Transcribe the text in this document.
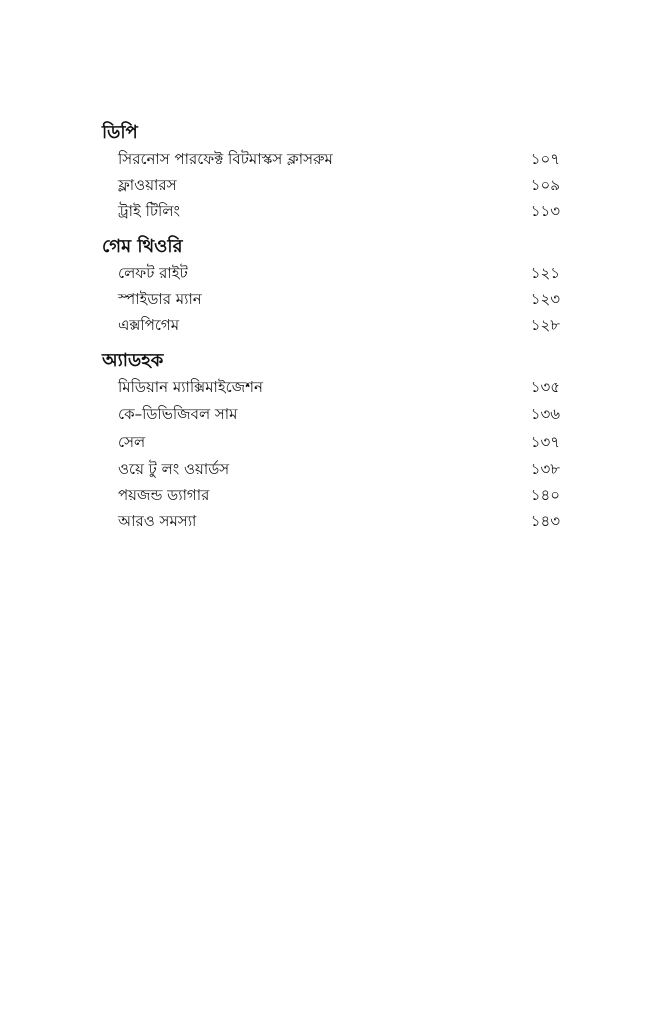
ডিপি
সিরনোস পারফেক্ট বিটমাস্কস ক্লাসরুম	১০৭
ফ্লাওয়ারস	১০৯
ট্রাই টিলিং	১১৩
গেম থিওরি
লেফট রাইট	১২১
স্পাইডার ম্যান	১২৩
এক্সপিগেম	১২৮
অ্যাডহক
মিডিয়ান ম্যাক্সিমাইজেশন	১৩৫
কে–ডিভিজিবল সাম	১৩৬
সেল	১৩৭
ওয়ে টু লং ওয়ার্ডস	১৩৮
পয়জন্ড ড্যাগার	১৪০
আরও সমস্যা	১৪৩
